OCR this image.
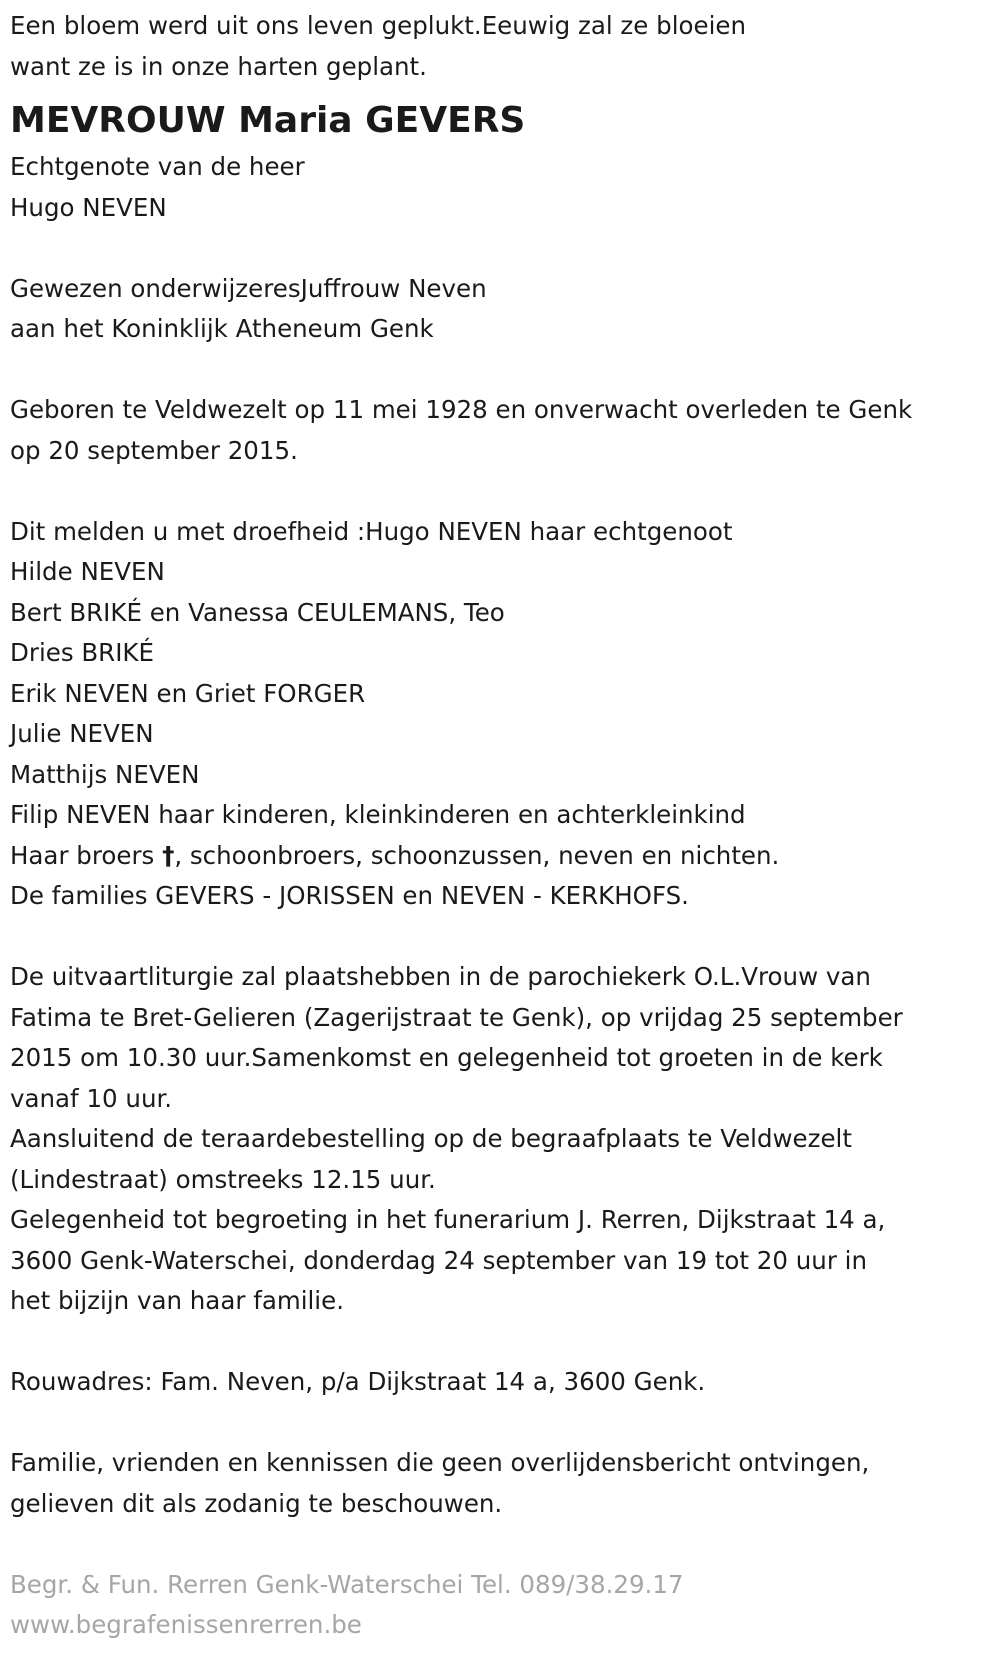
Een bloem werd uit ons leven geplukt.Eeuwig zal ze bloeien
want ze is in onze harten geplant.
MEVROUW Maria GEVERS
Echtgenote van de heer
Hugo NEVEN
Gewezen onderwijzeresJuffrouw Neven
aan het Koninklijk Atheneum Genk
Geboren te Veldwezelt op 11 mei 1928 en onverwacht overleden te Genk
op 20 september 2015.
Dit melden u met droefheid :Hugo NEVEN haar echtgenoot
Hilde NEVEN
Bert BRIKÉ en Vanessa CEULEMANS, Teo
Dries BRIKÉ
Erik NEVEN en Griet FORGER
Julie NEVEN
Matthijs NEVEN
Filip NEVEN haar kinderen, kleinkinderen en achterkleinkind
Haar broers †, schoonbroers, schoonzussen, neven en nichten.
De families GEVERS - JORISSEN en NEVEN - KERKHOFS.
De uitvaartliturgie zal plaatshebben in de parochiekerk O.L.Vrouw van
Fatima te Bret-Gelieren (Zagerijstraat te Genk), op vrijdag 25 september
2015 om 10.30 uur.Samenkomst en gelegenheid tot groeten in de kerk
vanaf 10 uur.
Aansluitend de teraardebestelling op de begraafplaats te Veldwezelt
(Lindestraat) omstreeks 12.15 uur.
Gelegenheid tot begroeting in het funerarium J. Rerren, Dijkstraat 14 a,
3600 Genk-Waterschei, donderdag 24 september van 19 tot 20 uur in
het bijzijn van haar familie.
Rouwadres: Fam. Neven, p/a Dijkstraat 14 a, 3600 Genk.
Familie, vrienden en kennissen die geen overlijdensbericht ontvingen,
gelieven dit als zodanig te beschouwen.
Begr. & Fun. Rerren Genk-Waterschei Tel. 089/38.29.17
www.begrafenissenrerren.be
